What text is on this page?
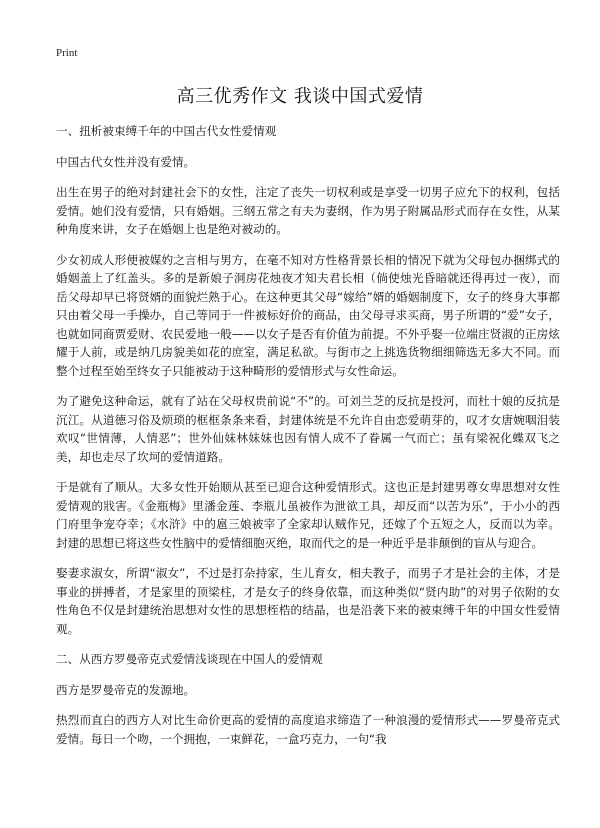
Print
高三优秀作文 我谈中国式爱情
一、扭析被束缚千年的中国古代女性爱情观

中国古代女性并没有爱情。

出生在男子的绝对封建社会下的女性，注定了丧失一切权利或是享受一切男子应允下的权利，包括爱情。她们没有爱情，只有婚姻。三纲五常之有夫为妻纲，作为男子附属品形式而存在女性，从某种角度来讲，女子在婚姻上也是绝对被动的。

少女初成人形便被媒妁之言相与男方，在毫不知对方性格背景长相的情况下就为父母包办捆绑式的婚姻盖上了红盖头。多的是新娘子洞房花烛夜才知夫君长相（倘使烛光昏暗就还得再过一夜），而岳父母却早已将贤婿的面貌烂熟于心。在这种更其父母“嫁给”婿的婚姻制度下，女子的终身大事都只由着父母一手操办，自己等同于一件被标好价的商品，由父母寻求买商，男子所谓的“爱”女子，也就如同商贾爱财、农民爱地一般——以女子是否有价值为前提。不外乎娶一位端庄贤淑的正房炫耀于人前，或是纳几房貌美如花的庶室，满足私欲。与街市之上挑选货物细细筛选无多大不同。而整个过程至始至终女子只能被动于这种畸形的爱情形式与女性命运。

为了避免这种命运，就有了站在父母权贵前说“不”的。可刘兰芝的反抗是投河，而杜十娘的反抗是沉江。从道德习俗及烦琐的框框条条来看，封建体统是不允许自由恋爱萌芽的，叹才女唐婉咽泪装欢叹“世情薄，人情恶”；世外仙妹林妹妹也因有情人成不了眷属一气而亡；虽有梁祝化蝶双飞之美，却也走尽了坎坷的爱情道路。

于是就有了顺从。大多女性开始顺从甚至已迎合这种爱情形式。这也正是封建男尊女卑思想对女性爱情观的戕害。《金瓶梅》里潘金莲、李瓶儿虽被作为泄欲工具，却反而“以苦为乐”，于小小的西门府里争宠夺幸；《水浒》中的扈三娘被宰了全家却认贼作兄，还嫁了个五短之人，反而以为幸。封建的思想已将这些女性脑中的爱情细胞灭绝，取而代之的是一种近乎是非颠倒的盲从与迎合。

娶妻求淑女，所谓“淑女”，不过是打杂持家，生儿育女，相夫教子，而男子才是社会的主体，才是事业的拼搏者，才是家里的顶梁柱，才是女子的终身依靠，而这种类似“贤内助”的对男子依附的女性角色不仅是封建统治思想对女性的思想桎梏的结晶，也是沿袭下来的被束缚千年的中国女性爱情观。

二、从西方罗曼帝克式爱情浅谈现在中国人的爱情观

西方是罗曼帝克的发源地。

热烈而直白的西方人对比生命价更高的爱情的高度追求缔造了一种浪漫的爱情形式——罗曼帝克式爱情。每日一个吻，一个拥抱，一束鲜花，一盒巧克力，一句“我
